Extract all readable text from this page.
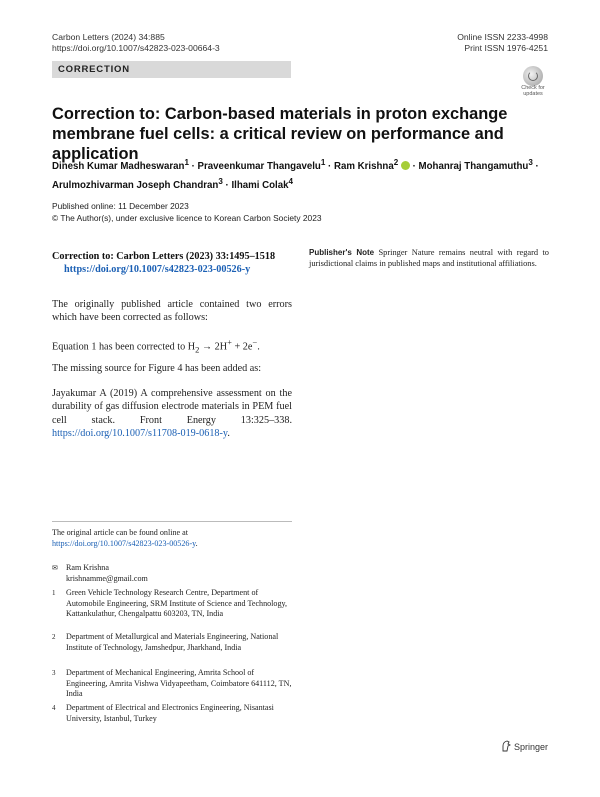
Carbon Letters (2024) 34:885
https://doi.org/10.1007/s42823-023-00664-3
Online ISSN 2233-4998
Print ISSN 1976-4251
CORRECTION
Check for
updates
Correction to: Carbon-based materials in proton exchange membrane fuel cells: a critical review on performance and application
Dinesh Kumar Madheswaran$^1$ · Praveenkumar Thangavelu$^1$ · Ram Krishna$^2$  · Mohanraj Thangamuthu$^3$ ·
Arulmozhivarman Joseph Chandran$^3$ · Ilhami Colak$^4$
Published online: 11 December 2023
© The Author(s), under exclusive licence to Korean Carbon Society 2023
Correction to: Carbon Letters (2023) 33:1495–1518
https://doi.org/10.1007/s42823-023-00526-y
The originally published article contained two errors which have been corrected as follows:
Equation 1 has been corrected to $H_2 \to 2H^+ + 2e^-$.
The missing source for Figure 4 has been added as:
Jayakumar A (2019) A comprehensive assessment on the durability of gas diffusion electrode materials in PEM fuel cell stack. Front Energy 13:325–338. https://doi.org/10.1007/s11708-019-0618-y.
Publisher's Note Springer Nature remains neutral with regard to jurisdictional claims in published maps and institutional affiliations.
The original article can be found online at https://doi.org/10.1007/s42823-023-00526-y.
✉ Ram Krishna
krishnamme@gmail.com
1 Green Vehicle Technology Research Centre, Department of Automobile Engineering, SRM Institute of Science and Technology, Kattankulathur, Chengalpattu 603203, TN, India
2 Department of Metallurgical and Materials Engineering, National Institute of Technology, Jamshedpur, Jharkhand, India
3 Department of Mechanical Engineering, Amrita School of Engineering, Amrita Vishwa Vidyapeetham, Coimbatore 641112, TN, India
4 Department of Electrical and Electronics Engineering, Nisantasi University, Istanbul, Turkey
Springer
